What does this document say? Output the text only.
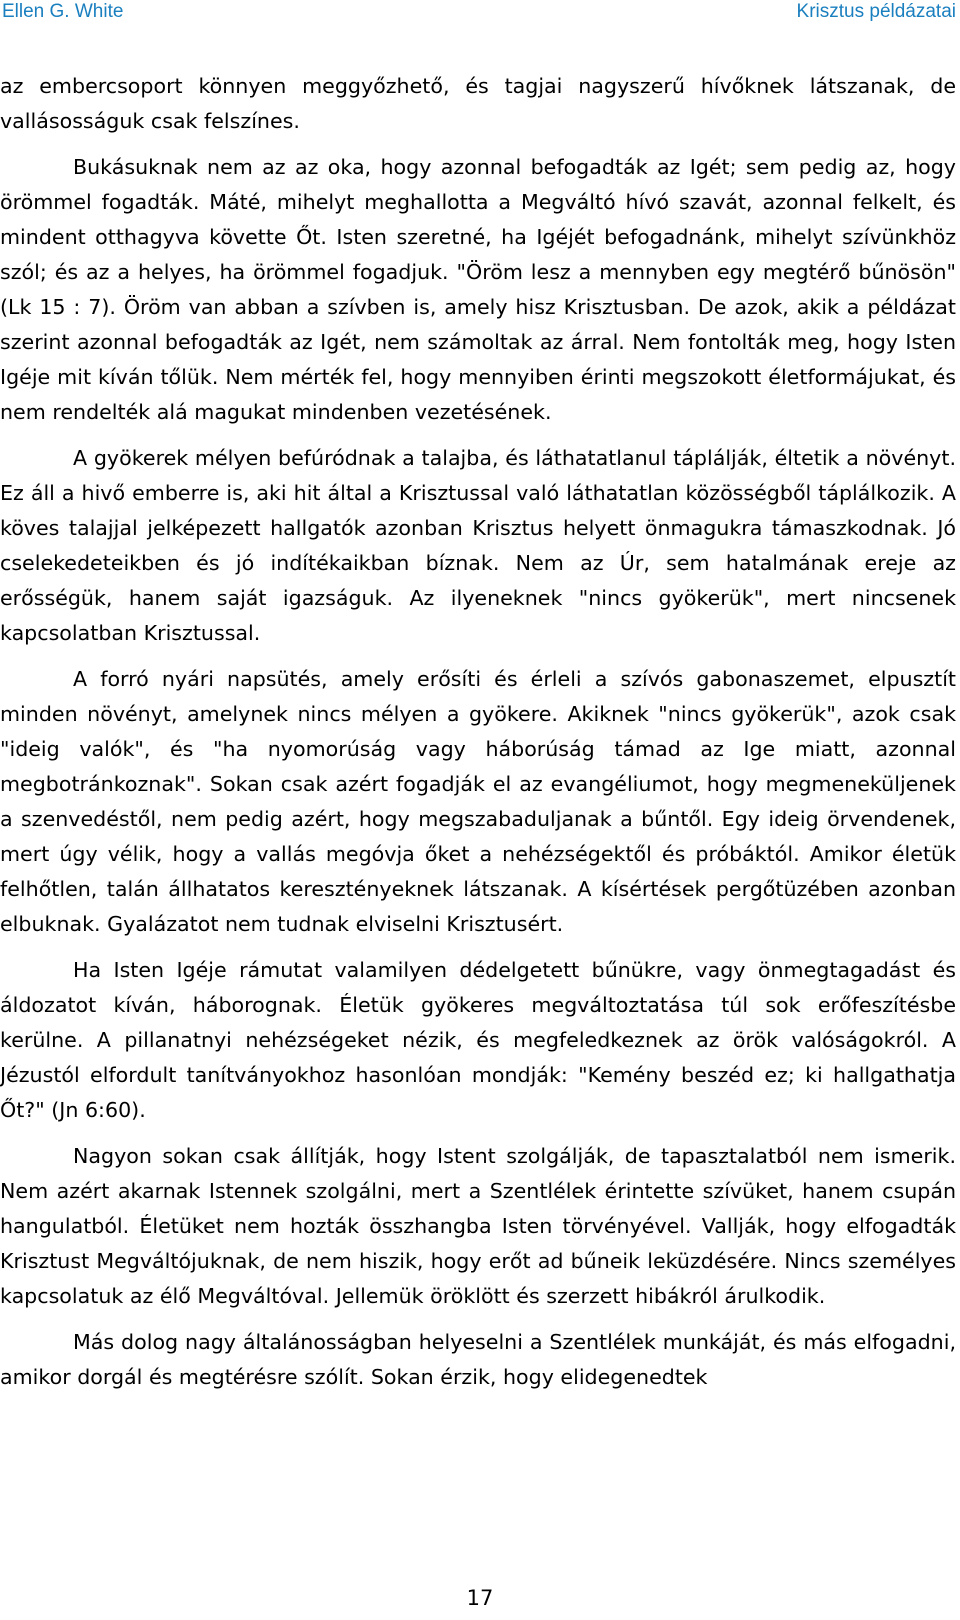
Ellen G. White	Krisztus példázatai

az embercsoport könnyen meggyőzhető, és tagjai nagyszerű hívőknek látszanak, de vallásosságuk csak felszínes.

Bukásuknak nem az az oka, hogy azonnal befogadták az Igét; sem pedig az, hogy örömmel fogadták. Máté, mihelyt meghallotta a Megváltó hívó szavát, azonnal felkelt, és mindent otthagyva követte Őt. Isten szeretné, ha Igéjét befogadnánk, mihelyt szívünkhöz szól; és az a helyes, ha örömmel fogadjuk. "Öröm lesz a mennyben egy megtérő bűnösön" (Lk 15 : 7). Öröm van abban a szívben is, amely hisz Krisztusban. De azok, akik a példázat szerint azonnal befogadták az Igét, nem számoltak az árral. Nem fontolták meg, hogy Isten Igéje mit kíván tőlük. Nem mérték fel, hogy mennyiben érinti megszokott életformájukat, és nem rendelték alá magukat mindenben vezetésének.

A gyökerek mélyen befúródnak a talajba, és láthatatlanul táplálják, éltetik a növényt. Ez áll a hivő emberre is, aki hit által a Krisztussal való láthatatlan közösségből táplálkozik. A köves talajjal jelképezett hallgatók azonban Krisztus helyett önmagukra támaszkodnak. Jó cselekedeteikben és jó indítékaikban bíznak. Nem az Úr, sem hatalmának ereje az erősségük, hanem saját igazságuk. Az ilyeneknek "nincs gyökerük", mert nincsenek kapcsolatban Krisztussal.

A forró nyári napsütés, amely erősíti és érleli a szívós gabonaszemet, elpusztít minden növényt, amelynek nincs mélyen a gyökere. Akiknek "nincs gyökerük", azok csak "ideig valók", és "ha nyomorúság vagy háborúság támad az Ige miatt, azonnal megbotránkoznak". Sokan csak azért fogadják el az evangéliumot, hogy megmeneküljenek a szenvedéstől, nem pedig azért, hogy megszabaduljanak a bűntől. Egy ideig örvendenek, mert úgy vélik, hogy a vallás megóvja őket a nehézségektől és próbáktól. Amikor életük felhőtlen, talán állhatatos keresztényeknek látszanak. A kísértések pergőtüzében azonban elbuknak. Gyalázatot nem tudnak elviselni Krisztusért.

Ha Isten Igéje rámutat valamilyen dédelgetett bűnükre, vagy önmegtagadást és áldozatot kíván, háborognak. Életük gyökeres megváltoztatása túl sok erőfeszítésbe kerülne. A pillanatnyi nehézségeket nézik, és megfeledkeznek az örök valóságokról. A Jézustól elfordult tanítványokhoz hasonlóan mondják: "Kemény beszéd ez; ki hallgathatja Őt?" (Jn 6:60).

Nagyon sokan csak állítják, hogy Istent szolgálják, de tapasztalatból nem ismerik. Nem azért akarnak Istennek szolgálni, mert a Szentlélek érintette szívüket, hanem csupán hangulatból. Életüket nem hozták összhangba Isten törvényével. Vallják, hogy elfogadták Krisztust Megváltójuknak, de nem hiszik, hogy erőt ad bűneik leküzdésére. Nincs személyes kapcsolatuk az élő Megváltóval. Jellemük öröklött és szerzett hibákról árulkodik.

Más dolog nagy általánosságban helyeselni a Szentlélek munkáját, és más elfogadni, amikor dorgál és megtérésre szólít. Sokan érzik, hogy elidegenedtek

17
